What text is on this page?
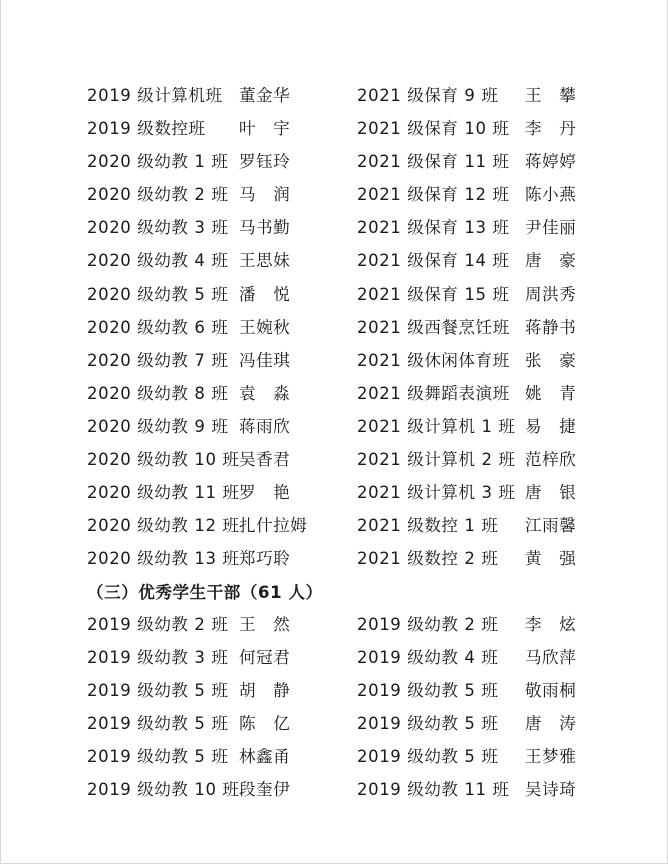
2019 级计算机班 董金华	2021 级保育 9 班 王　攀
2019 级数控班 叶　宇	2021 级保育 10 班 李　丹
2020 级幼教 1 班 罗钰玲	2021 级保育 11 班 蒋婷婷
2020 级幼教 2 班 马　润	2021 级保育 12 班 陈小燕
2020 级幼教 3 班 马书勤	2021 级保育 13 班 尹佳丽
2020 级幼教 4 班 王思妹	2021 级保育 14 班 唐　豪
2020 级幼教 5 班 潘　悦	2021 级保育 15 班 周洪秀
2020 级幼教 6 班 王婉秋	2021 级西餐烹饪班 蒋静书
2020 级幼教 7 班 冯佳琪	2021 级休闲体育班 张　豪
2020 级幼教 8 班 袁　淼	2021 级舞蹈表演班 姚　青
2020 级幼教 9 班 蒋雨欣	2021 级计算机 1 班 易　捷
2020 级幼教 10 班 吴香君	2021 级计算机 2 班 范梓欣
2020 级幼教 11 班 罗　艳	2021 级计算机 3 班 唐　银
2020 级幼教 12 班 扎什拉姆	2021 级数控 1 班 江雨馨
2020 级幼教 13 班 郑巧聆	2021 级数控 2 班 黄　强
（三）优秀学生干部（61 人）
2019 级幼教 2 班 王　然	2019 级幼教 2 班 李　炫
2019 级幼教 3 班 何冠君	2019 级幼教 4 班 马欣萍
2019 级幼教 5 班 胡　静	2019 级幼教 5 班 敬雨桐
2019 级幼教 5 班 陈　亿	2019 级幼教 5 班 唐　涛
2019 级幼教 5 班 林鑫甬	2019 级幼教 5 班 王梦雅
2019 级幼教 10 班 段奎伊	2019 级幼教 11 班 吴诗琦
